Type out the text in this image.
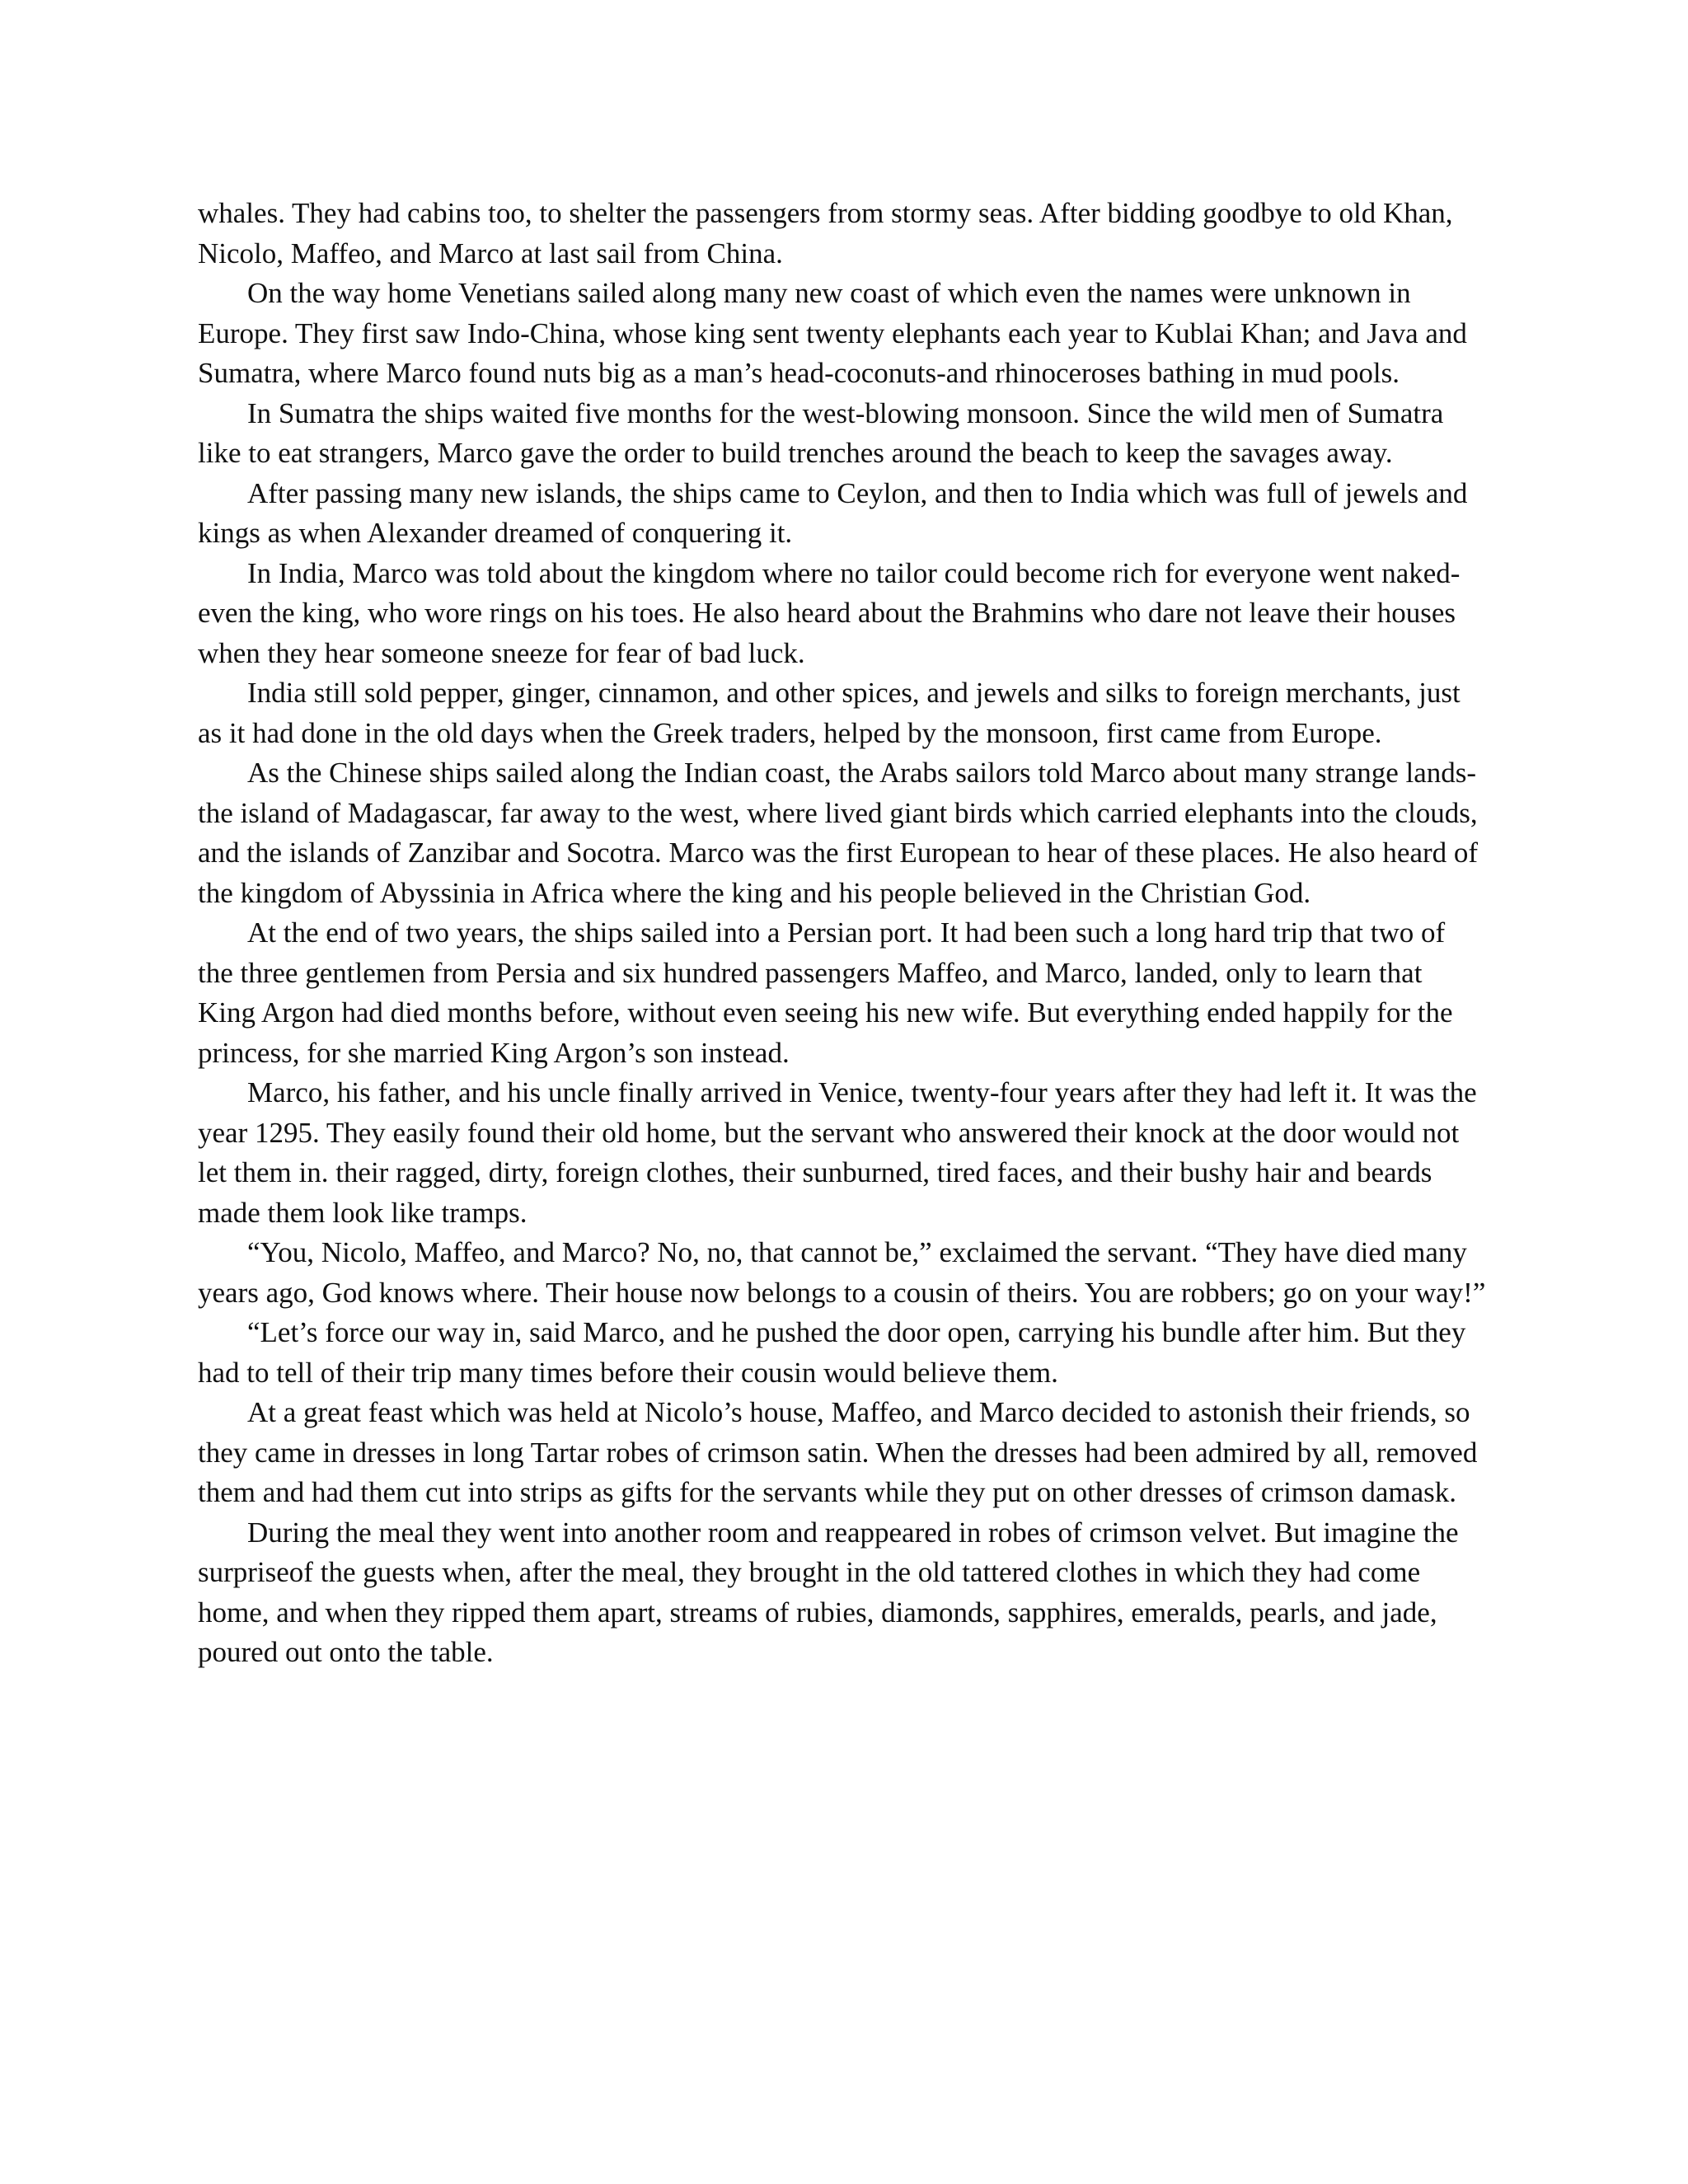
whales. They had cabins too, to shelter the passengers from stormy seas. After bidding goodbye to old Khan, Nicolo, Maffeo, and Marco at last sail from China.

On the way home Venetians sailed along many new coast of which even the names were unknown in Europe. They first saw Indo-China, whose king sent twenty elephants each year to Kublai Khan; and Java and Sumatra, where Marco found nuts big as a man’s head-coconuts-and rhinoceroses bathing in mud pools.

In Sumatra the ships waited five months for the west-blowing monsoon. Since the wild men of Sumatra like to eat strangers, Marco gave the order to build trenches around the beach to keep the savages away.

After passing many new islands, the ships came to Ceylon, and then to India which was full of jewels and kings as when Alexander dreamed of conquering it.

In India, Marco was told about the kingdom where no tailor could become rich for everyone went naked-even the king, who wore rings on his toes. He also heard about the Brahmins who dare not leave their houses when they hear someone sneeze for fear of bad luck.

India still sold pepper, ginger, cinnamon, and other spices, and jewels and silks to foreign merchants, just as it had done in the old days when the Greek traders, helped by the monsoon, first came from Europe.

As the Chinese ships sailed along the Indian coast, the Arabs sailors told Marco about many strange lands-the island of Madagascar, far away to the west, where lived giant birds which carried elephants into the clouds, and the islands of Zanzibar and Socotra. Marco was the first European to hear of these places. He also heard of the kingdom of Abyssinia in Africa where the king and his people believed in the Christian God.

At the end of two years, the ships sailed into a Persian port. It had been such a long hard trip that two of the three gentlemen from Persia and six hundred passengers Maffeo, and Marco, landed, only to learn that King Argon had died months before, without even seeing his new wife. But everything ended happily for the princess, for she married King Argon’s son instead.

Marco, his father, and his uncle finally arrived in Venice, twenty-four years after they had left it. It was the year 1295. They easily found their old home, but the servant who answered their knock at the door would not let them in. their ragged, dirty, foreign clothes, their sunburned, tired faces, and their bushy hair and beards made them look like tramps.

“You, Nicolo, Maffeo, and Marco? No, no, that cannot be,” exclaimed the servant. “They have died many years ago, God knows where. Their house now belongs to a cousin of theirs. You are robbers; go on your way!”

“Let’s force our way in, said Marco, and he pushed the door open, carrying his bundle after him. But they had to tell of their trip many times before their cousin would believe them.

At a great feast which was held at Nicolo’s house, Maffeo, and Marco decided to astonish their friends, so they came in dresses in long Tartar robes of crimson satin. When the dresses had been admired by all, removed them and had them cut into strips as gifts for the servants while they put on other dresses of crimson damask.

During the meal they went into another room and reappeared in robes of crimson velvet. But imagine the surpriseof the guests when, after the meal, they brought in the old tattered clothes in which they had come home, and when they ripped them apart, streams of rubies, diamonds, sapphires, emeralds, pearls, and jade, poured out onto the table.
